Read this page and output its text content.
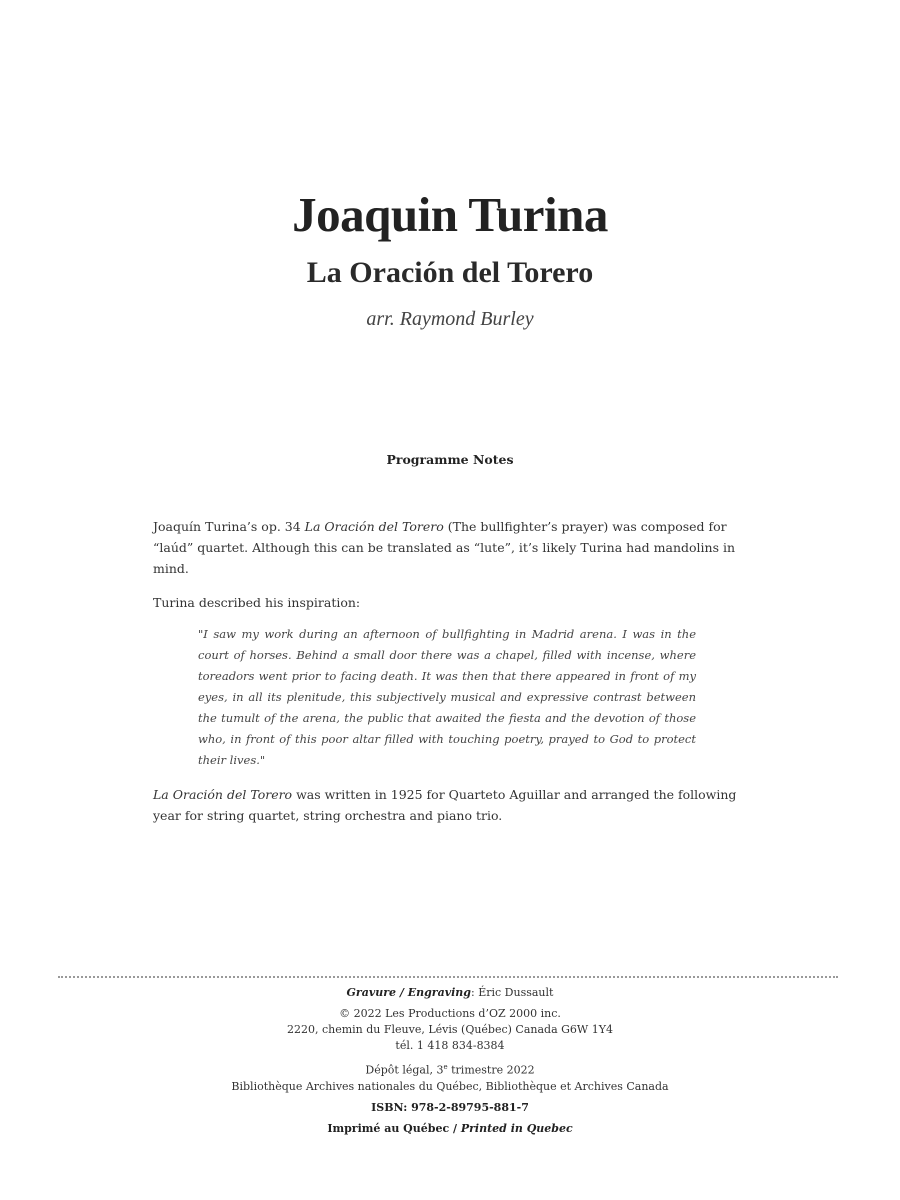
Joaquin Turina
La Oración del Torero
arr. Raymond Burley
Programme Notes

Joaquín Turina’s op. 34 La Oración del Torero (The bullfighter’s prayer) was composed for “laúd” quartet. Although this can be translated as “lute”, it’s likely Turina had mandolins in mind.

Turina described his inspiration:

"I saw my work during an afternoon of bullfighting in Madrid arena. I was in the court of horses. Behind a small door there was a chapel, filled with incense, where toreadors went prior to facing death. It was then that there appeared in front of my eyes, in all its plenitude, this subjectively musical and expressive contrast between the tumult of the arena, the public that awaited the fiesta and the devotion of those who, in front of this poor altar filled with touching poetry, prayed to God to protect their lives."

La Oración del Torero was written in 1925 for Quarteto Aguillar and arranged the following year for string quartet, string orchestra and piano trio.

Gravure / Engraving: Éric Dussault
© 2022 Les Productions d’OZ 2000 inc.
2220, chemin du Fleuve, Lévis (Québec) Canada G6W 1Y4
tél. 1 418 834-8384
Dépôt légal, 3e trimestre 2022
Bibliothèque Archives nationales du Québec, Bibliothèque et Archives Canada
ISBN: 978-2-89795-881-7
Imprimé au Québec / Printed in Quebec
